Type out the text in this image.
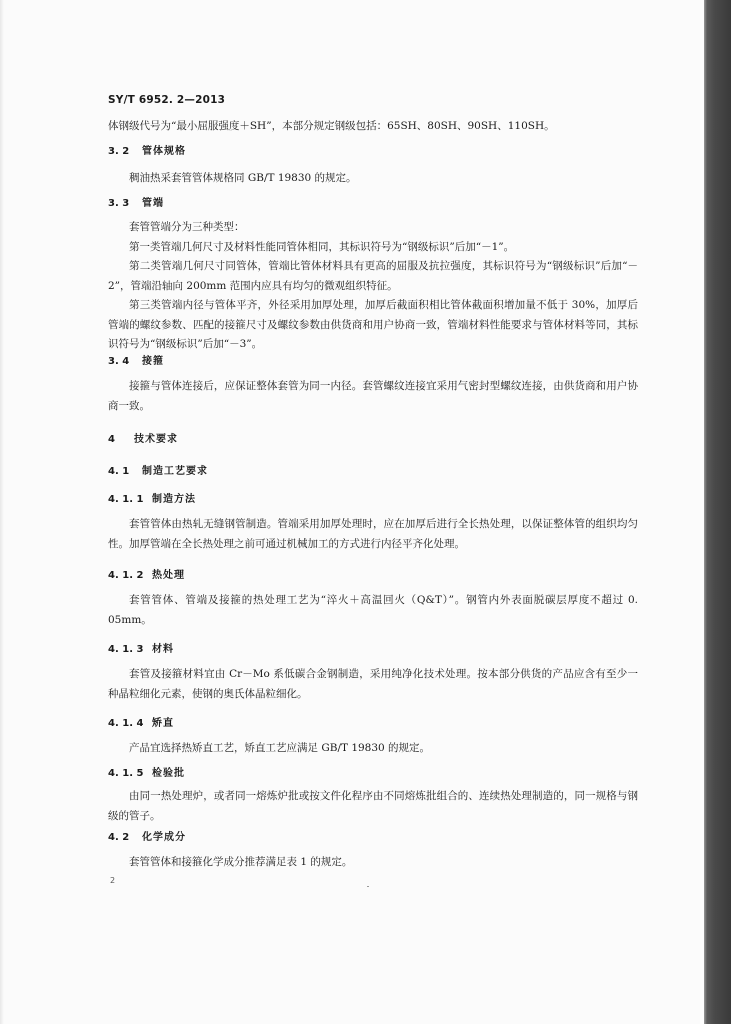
SY/T 6952. 2—2013
体钢级代号为“最小屈服强度＋SH”，本部分规定钢级包括：65SH、80SH、90SH、110SH。
3. 2 管体规格

稠油热采套管管体规格同 GB/T 19830 的规定。

3. 3 管端

套管管端分为三种类型：

第一类管端几何尺寸及材料性能同管体相同，其标识符号为“钢级标识”后加“－1”。

第二类管端几何尺寸同管体，管端比管体材料具有更高的屈服及抗拉强度，其标识符号为“钢级标识”后加“－2”，管端沿轴向 200mm 范围内应具有均匀的微观组织特征。

第三类管端内径与管体平齐，外径采用加厚处理，加厚后截面积相比管体截面积增加量不低于 30%，加厚后管端的螺纹参数、匹配的接箍尺寸及螺纹参数由供货商和用户协商一致，管端材料性能要求与管体材料等同，其标识符号为“钢级标识”后加“－3”。

3. 4 接箍

接箍与管体连接后，应保证整体套管为同一内径。套管螺纹连接宜采用气密封型螺纹连接，由供货商和用户协商一致。

4 技术要求
4. 1 制造工艺要求
4. 1. 1 制造方法

套管管体由热轧无缝钢管制造。管端采用加厚处理时，应在加厚后进行全长热处理，以保证整体管的组织均匀性。加厚管端在全长热处理之前可通过机械加工的方式进行内径平齐化处理。

4. 1. 2 热处理

套管管体、管端及接箍的热处理工艺为“淬火＋高温回火（Q&T）”。钢管内外表面脱碳层厚度不超过 0. 05mm。

4. 1. 3 材料

套管及接箍材料宜由 Cr－Mo 系低碳合金钢制造，采用纯净化技术处理。按本部分供货的产品应含有至少一种晶粒细化元素，使钢的奥氏体晶粒细化。

4. 1. 4 矫直

产品宜选择热矫直工艺，矫直工艺应满足 GB/T 19830 的规定。

4. 1. 5 检验批

由同一热处理炉，或者同一熔炼炉批或按文件化程序由不同熔炼批组合的、连续热处理制造的，同一规格与钢级的管子。

4. 2 化学成分

套管管体和接箍化学成分推荐满足表 1 的规定。

2
